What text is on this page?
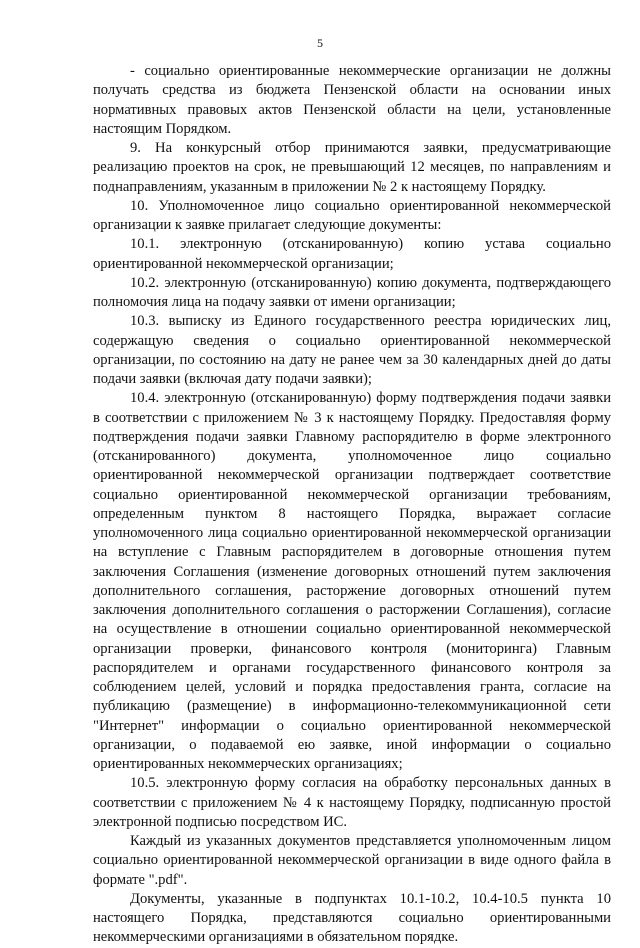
5

- социально ориентированные некоммерческие организации не должны получать средства из бюджета Пензенской области на основании иных нормативных правовых актов Пензенской области на цели, установленные настоящим Порядком.

9. На конкурсный отбор принимаются заявки, предусматривающие реализацию проектов на срок, не превышающий 12 месяцев, по направлениям и поднаправлениям, указанным в приложении № 2 к настоящему Порядку.

10. Уполномоченное лицо социально ориентированной некоммерческой организации к заявке прилагает следующие документы:

10.1. электронную (отсканированную) копию устава социально ориентированной некоммерческой организации;

10.2. электронную (отсканированную) копию документа, подтверждающего полномочия лица на подачу заявки от имени организации;

10.3. выписку из Единого государственного реестра юридических лиц, содержащую сведения о социально ориентированной некоммерческой организации, по состоянию на дату не ранее чем за 30 календарных дней до даты подачи заявки (включая дату подачи заявки);

10.4. электронную (отсканированную) форму подтверждения подачи заявки в соответствии с приложением № 3 к настоящему Порядку. Предоставляя форму подтверждения подачи заявки Главному распорядителю в форме электронного (отсканированного) документа, уполномоченное лицо социально ориентированной некоммерческой организации подтверждает соответствие социально ориентированной некоммерческой организации требованиям, определенным пунктом 8 настоящего Порядка, выражает согласие уполномоченного лица социально ориентированной некоммерческой организации на вступление с Главным распорядителем в договорные отношения путем заключения Соглашения (изменение договорных отношений путем заключения дополнительного соглашения, расторжение договорных отношений путем заключения дополнительного соглашения о расторжении Соглашения), согласие на осуществление в отношении социально ориентированной некоммерческой организации проверки, финансового контроля (мониторинга) Главным распорядителем и органами государственного финансового контроля за соблюдением целей, условий и порядка предоставления гранта, согласие на публикацию (размещение) в информационно-телекоммуникационной сети "Интернет" информации о социально ориентированной некоммерческой организации, о подаваемой ею заявке, иной информации о социально ориентированных некоммерческих организациях;

10.5. электронную форму согласия на обработку персональных данных в соответствии с приложением № 4 к настоящему Порядку, подписанную простой электронной подписью посредством ИС.

Каждый из указанных документов представляется уполномоченным лицом социально ориентированной некоммерческой организации в виде одного файла в формате ".pdf".

Документы, указанные в подпунктах 10.1-10.2, 10.4-10.5 пункта 10 настоящего Порядка, представляются социально ориентированными некоммерческими организациями в обязательном порядке.
